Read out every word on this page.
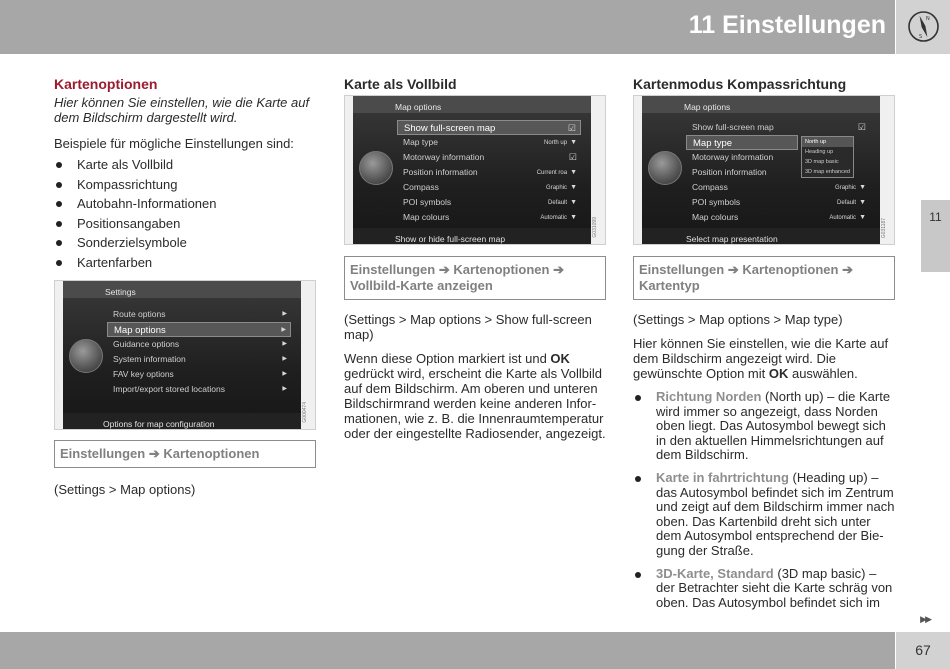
11 Einstellungen	N
S
11
Kartenoptionen

Hier können Sie einstellen, wie die Karte auf dem Bildschirm dargestellt wird.

Beispiele für mögliche Einstellungen sind:

Karte als Vollbild
Kompassrichtung
Autobahn-Informationen
Positionsangaben
Sonderzielsymbole
Kartenfarben
Settings
Route options	▶
Map options	▶
Guidance options	▶
System information	▶
FAV key options	▶
Import/export stored locations	▶
Options for map configuration
G000474
Einstellungen ➔ Kartenoptionen

(Settings > Map options)

Karte als Vollbild
Map options
Show full-screen map	☑
Map type	North up ▼
Motorway information	☑
Position information	Current roa ▼
Compass	Graphic ▼
POI symbols	Default ▼
Map colours	Automatic ▼
Show or hide full-screen map
G031099
Einstellungen ➔ Kartenoptionen ➔
Vollbild-Karte anzeigen

(Settings > Map options > Show full-screen map)

Wenn diese Option markiert ist und OK gedrückt wird, erscheint die Karte als Vollbild auf dem Bildschirm. Am oberen und unteren Bildschirmrand werden keine anderen Infor-mationen, wie z. B. die Innenraumtemperatur oder der eingestellte Radiosender, angezeigt.

Kartenmodus Kompassrichtung
Map options
Show full-screen map	☑
Map type
Motorway information
Position information
Compass	Graphic ▼
POI symbols	Default ▼
Map colours	Automatic ▼
North up
Heading up
3D map basic
3D map enhanced
Select map presentation
G031187
Einstellungen ➔ Kartenoptionen ➔
Kartentyp

(Settings > Map options > Map type)

Hier können Sie einstellen, wie die Karte auf dem Bildschirm angezeigt wird. Die gewünschte Option mit OK auswählen.

Richtung Norden (North up) – die Karte wird immer so angezeigt, dass Norden oben liegt. Das Autosymbol bewegt sich in den aktuellen Himmelsrichtungen auf dem Bildschirm.
Karte in fahrtrichtung (Heading up) – das Autosymbol befindet sich im Zentrum und zeigt auf dem Bildschirm immer nach oben. Das Kartenbild dreht sich unter dem Autosymbol entsprechend der Bie-gung der Straße.
3D-Karte, Standard (3D map basic) – der Betrachter sieht die Karte schräg von oben. Das Autosymbol befindet sich im
▶▶
67
